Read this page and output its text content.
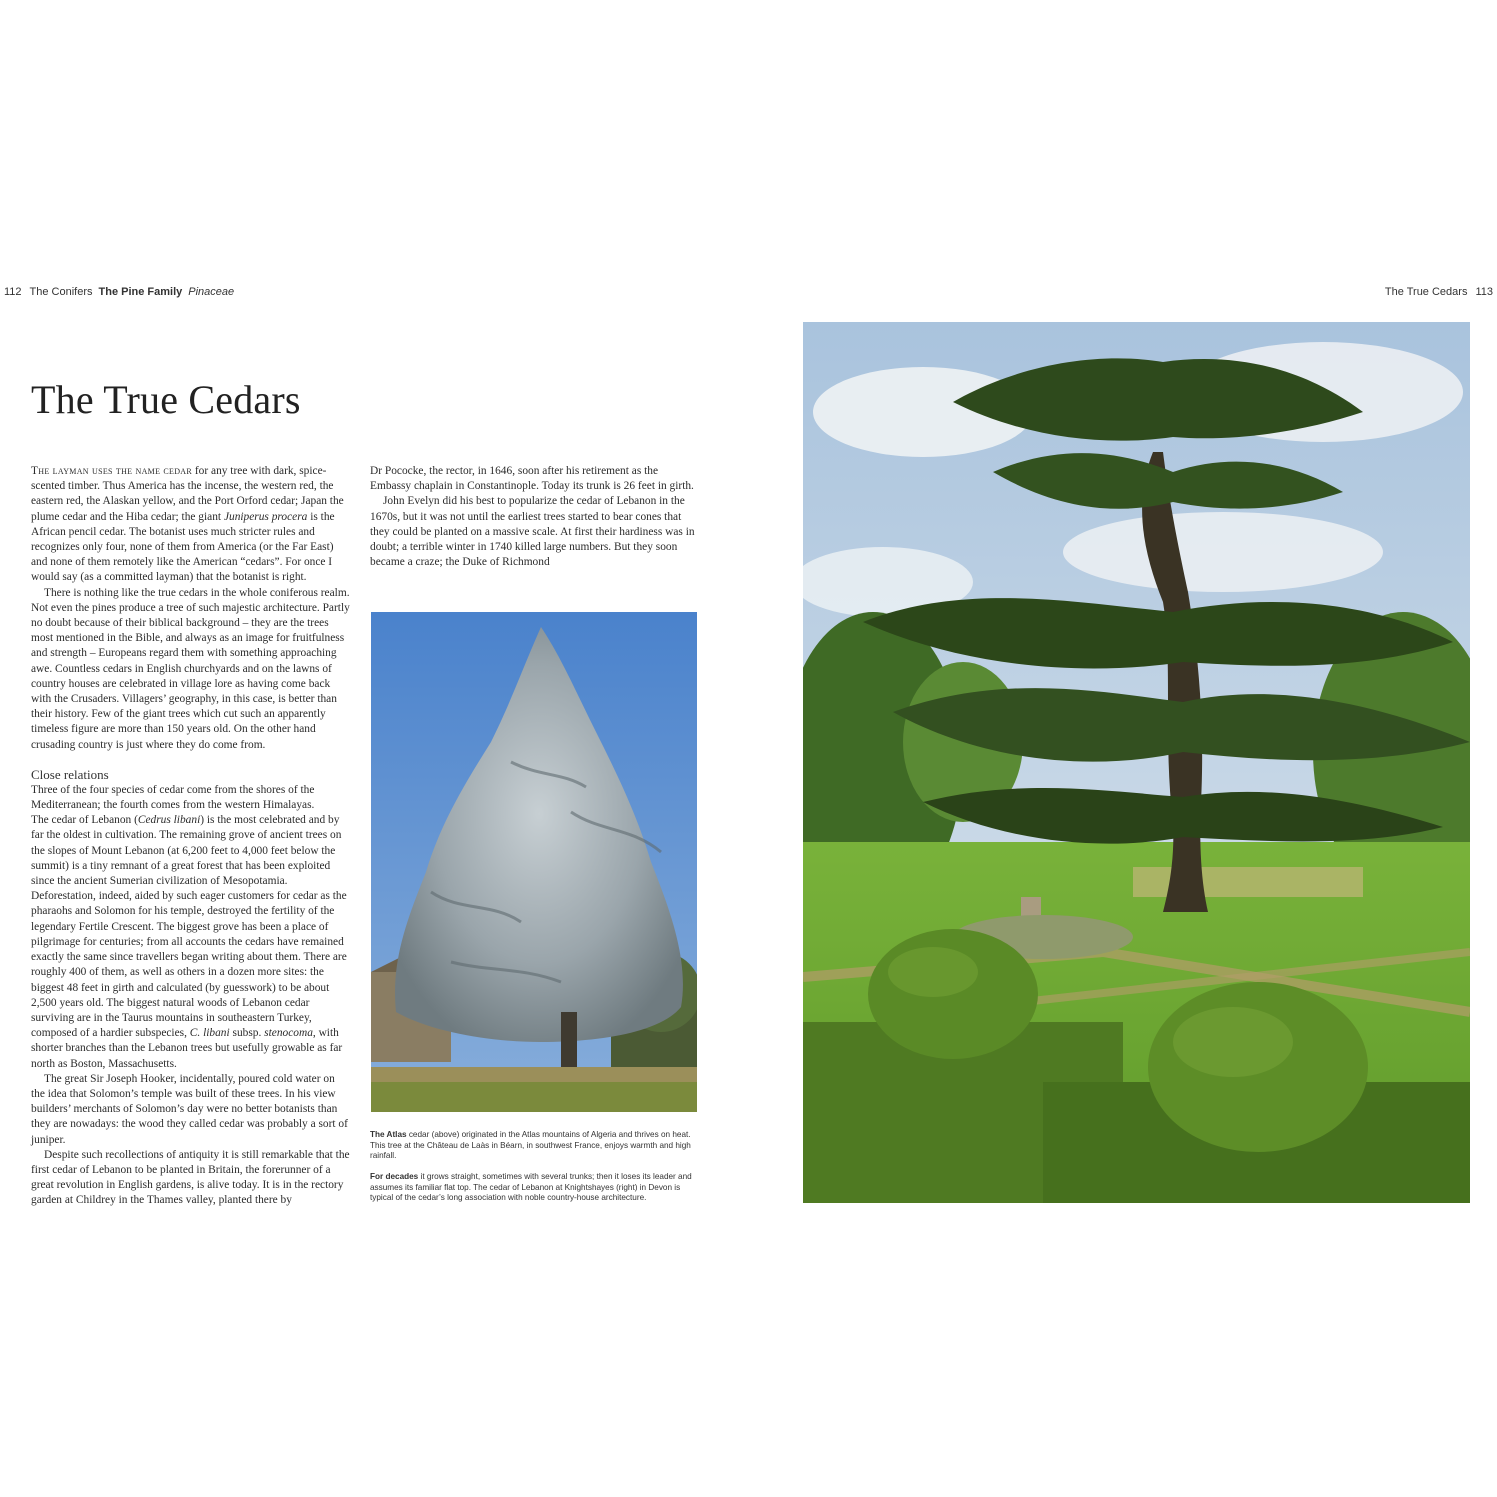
112 The Conifers The Pine Family Pinaceae	The True Cedars 113
The True Cedars

The layman uses the name cedar for any tree with dark, spice-scented timber. Thus America has the incense, the western red, the eastern red, the Alaskan yellow, and the Port Orford cedar; Japan the plume cedar and the Hiba cedar; the giant Juniperus procera is the African pencil cedar. The botanist uses much stricter rules and recognizes only four, none of them from America (or the Far East) and none of them remotely like the American “cedars”. For once I would say (as a committed layman) that the botanist is right.

There is nothing like the true cedars in the whole coniferous realm. Not even the pines produce a tree of such majestic architecture. Partly no doubt because of their biblical background – they are the trees most mentioned in the Bible, and always as an image for fruitfulness and strength – Europeans regard them with something approaching awe. Countless cedars in English churchyards and on the lawns of country houses are celebrated in village lore as having come back with the Crusaders. Villagers’ geography, in this case, is better than their history. Few of the giant trees which cut such an apparently timeless figure are more than 150 years old. On the other hand crusading country is just where they do come from.

Close relations

Three of the four species of cedar come from the shores of the Mediterranean; the fourth comes from the western Himalayas.

The cedar of Lebanon (Cedrus libani) is the most celebrated and by far the oldest in cultivation. The remaining grove of ancient trees on the slopes of Mount Lebanon (at 6,200 feet to 4,000 feet below the summit) is a tiny remnant of a great forest that has been exploited since the ancient Sumerian civilization of Mesopotamia. Deforestation, indeed, aided by such eager customers for cedar as the pharaohs and Solomon for his temple, destroyed the fertility of the legendary Fertile Crescent. The biggest grove has been a place of pilgrimage for centuries; from all accounts the cedars have remained exactly the same since travellers began writing about them. There are roughly 400 of them, as well as others in a dozen more sites: the biggest 48 feet in girth and calculated (by guesswork) to be about 2,500 years old. The biggest natural woods of Lebanon cedar surviving are in the Taurus mountains in southeastern Turkey, composed of a hardier subspecies, C. libani subsp. stenocoma, with shorter branches than the Lebanon trees but usefully growable as far north as Boston, Massachusetts.

The great Sir Joseph Hooker, incidentally, poured cold water on the idea that Solomon’s temple was built of these trees. In his view builders’ merchants of Solomon’s day were no better botanists than they are nowadays: the wood they called cedar was probably a sort of juniper.

Despite such recollections of antiquity it is still remarkable that the first cedar of Lebanon to be planted in Britain, the forerunner of a great revolution in English gardens, is alive today. It is in the rectory garden at Childrey in the Thames valley, planted there by

Dr Pococke, the rector, in 1646, soon after his retirement as the Embassy chaplain in Constantinople. Today its trunk is 26 feet in girth.

John Evelyn did his best to popularize the cedar of Lebanon in the 1670s, but it was not until the earliest trees started to bear cones that they could be planted on a massive scale. At first their hardiness was in doubt; a terrible winter in 1740 killed large numbers. But they soon became a craze; the Duke of Richmond

The Atlas cedar (above) originated in the Atlas mountains of Algeria and thrives on heat. This tree at the Château de Laàs in Béarn, in southwest France, enjoys warmth and high rainfall.
For decades it grows straight, sometimes with several trunks; then it loses its leader and assumes its familiar flat top. The cedar of Lebanon at Knightshayes (right) in Devon is typical of the cedar’s long association with noble country-house architecture.
